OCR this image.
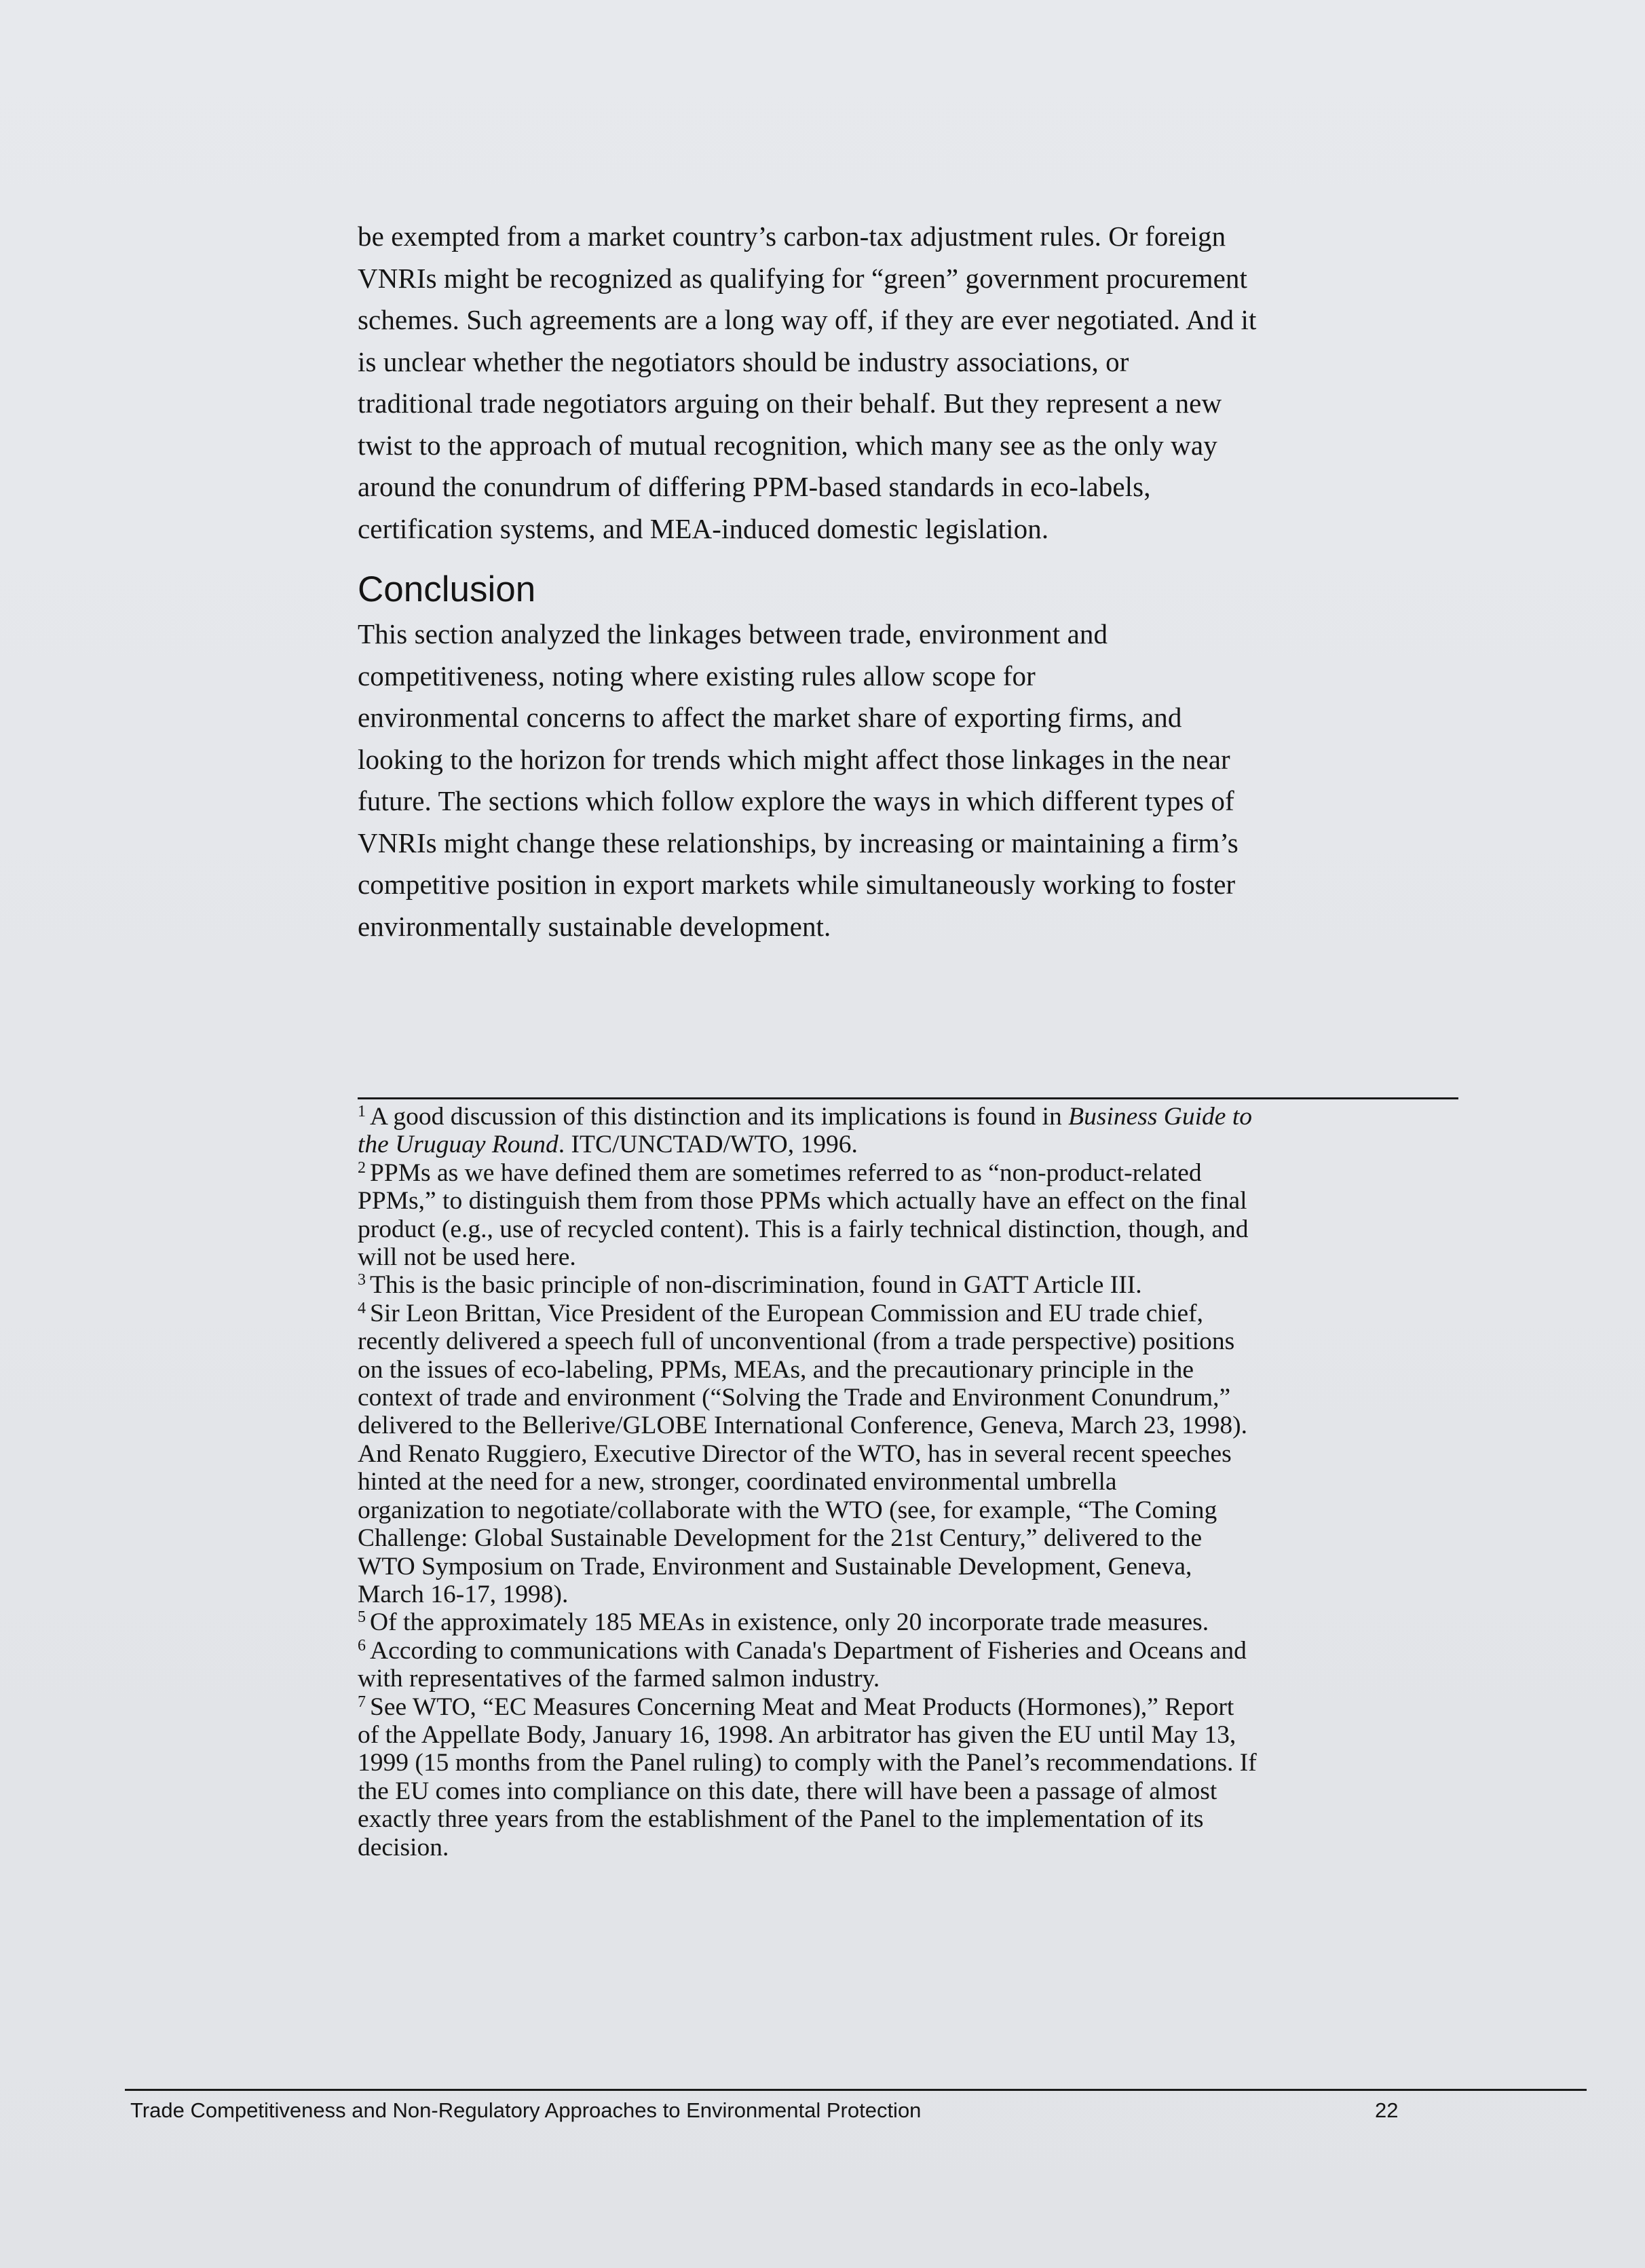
be exempted from a market country’s carbon-tax adjustment rules. Or foreign
VNRIs might be recognized as qualifying for “green” government procurement
schemes. Such agreements are a long way off, if they are ever negotiated. And it
is unclear whether the negotiators should be industry associations, or
traditional trade negotiators arguing on their behalf. But they represent a new
twist to the approach of mutual recognition, which many see as the only way
around the conundrum of differing PPM-based standards in eco-labels,
certification systems, and MEA-induced domestic legislation.

Conclusion

This section analyzed the linkages between trade, environment and
competitiveness, noting where existing rules allow scope for
environmental concerns to affect the market share of exporting firms, and
looking to the horizon for trends which might affect those linkages in the near
future. The sections which follow explore the ways in which different types of
VNRIs might change these relationships, by increasing or maintaining a firm’s
competitive position in export markets while simultaneously working to foster
environmentally sustainable development.

$^1$ A good discussion of this distinction and its implications is found in Business Guide to
the Uruguay Round. ITC/UNCTAD/WTO, 1996.

$^2$ PPMs as we have defined them are sometimes referred to as “non-product-related
PPMs,” to distinguish them from those PPMs which actually have an effect on the final
product (e.g., use of recycled content). This is a fairly technical distinction, though, and
will not be used here.

$^3$ This is the basic principle of non-discrimination, found in GATT Article III.

$^4$ Sir Leon Brittan, Vice President of the European Commission and EU trade chief,
recently delivered a speech full of unconventional (from a trade perspective) positions
on the issues of eco-labeling, PPMs, MEAs, and the precautionary principle in the
context of trade and environment (“Solving the Trade and Environment Conundrum,”
delivered to the Bellerive/GLOBE International Conference, Geneva, March 23, 1998).
And Renato Ruggiero, Executive Director of the WTO, has in several recent speeches
hinted at the need for a new, stronger, coordinated environmental umbrella
organization to negotiate/collaborate with the WTO (see, for example, “The Coming
Challenge: Global Sustainable Development for the 21st Century,” delivered to the
WTO Symposium on Trade, Environment and Sustainable Development, Geneva,
March 16-17, 1998).

$^5$ Of the approximately 185 MEAs in existence, only 20 incorporate trade measures.

$^6$ According to communications with Canada's Department of Fisheries and Oceans and
with representatives of the farmed salmon industry.

$^7$ See WTO, “EC Measures Concerning Meat and Meat Products (Hormones),” Report
of the Appellate Body, January 16, 1998. An arbitrator has given the EU until May 13,
1999 (15 months from the Panel ruling) to comply with the Panel’s recommendations. If
the EU comes into compliance on this date, there will have been a passage of almost
exactly three years from the establishment of the Panel to the implementation of its
decision.

Trade Competitiveness and Non-Regulatory Approaches to Environmental Protection	22
